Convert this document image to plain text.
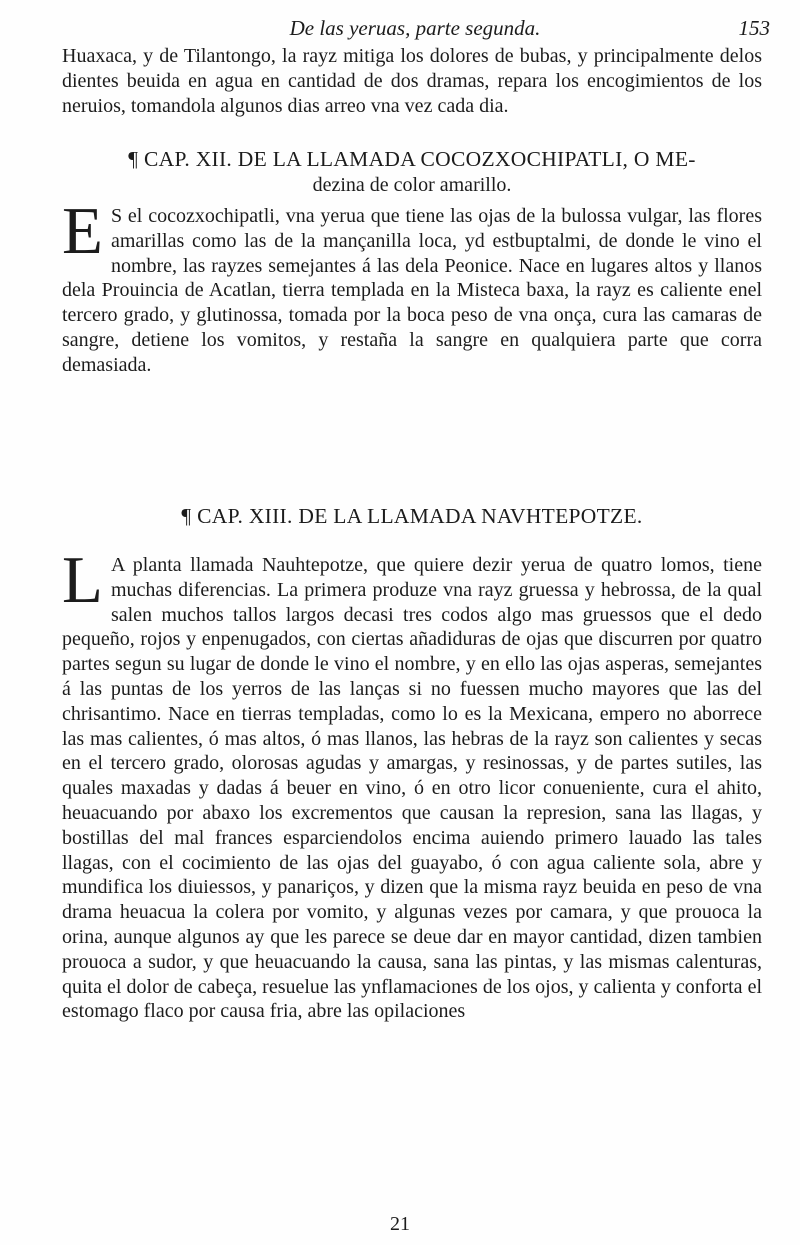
De las yeruas, parte segunda.	153

Huaxaca, y de Tilantongo, la rayz mitiga los dolores de bubas, y principalmente delos dientes beuida en agua en cantidad de dos dramas, repara los encogimientos de los neruios, tomandola algunos dias arreo vna vez cada dia.

¶ CAP. XII. DE LA LLAMADA COCOZXOCHIPATLI, O ME-
dezina de color amarillo.
E S el cocozxochipatli, vna yerua que tiene las ojas de la bulossa vulgar, las flores amarillas como las de la mançanilla loca, yd estbuptalmi, de donde le vino el nombre, las rayzes semejantes á las dela Peonice. Nace en lugares altos y llanos dela Prouincia de Acatlan, tierra templada en la Misteca baxa, la rayz es caliente enel tercero grado, y glutinossa, tomada por la boca peso de vna onça, cura las camaras de sangre, detiene los vomitos, y restaña la sangre en qualquiera parte que corra demasiada.

¶ CAP. XIII. DE LA LLAMADA NAVHTEPOTZE.
L A planta llamada Nauhtepotze, que quiere dezir yerua de quatro lomos, tiene muchas diferencias. La primera produze vna rayz gruessa y hebrossa, de la qual salen muchos tallos largos decasi tres codos algo mas gruessos que el dedo pequeño, rojos y enpenugados, con ciertas añadiduras de ojas que discurren por quatro partes segun su lugar de donde le vino el nombre, y en ello las ojas asperas, semejantes á las puntas de los yerros de las lanças si no fuessen mucho mayores que las del chrisantimo. Nace en tierras templadas, como lo es la Mexicana, empero no aborrece las mas calientes, ó mas altos, ó mas llanos, las hebras de la rayz son calientes y secas en el tercero grado, olorosas agudas y amargas, y resinossas, y de partes sutiles, las quales maxadas y dadas á beuer en vino, ó en otro licor conueniente, cura el ahito, heuacuando por abaxo los excrementos que causan la represion, sana las llagas, y bostillas del mal frances esparciendolos encima auiendo primero lauado las tales llagas, con el cocimiento de las ojas del guayabo, ó con agua caliente sola, abre y mundifica los diuiessos, y panariços, y dizen que la misma rayz beuida en peso de vna drama heuacua la colera por vomito, y algunas vezes por camara, y que prouoca la orina, aunque algunos ay que les parece se deue dar en mayor cantidad, dizen tambien prouoca a sudor, y que heuacuando la causa, sana las pintas, y las mismas calenturas, quita el dolor de cabeça, resuelue las ynflamaciones de los ojos, y calienta y conforta el estomago flaco por causa fria, abre las opilaciones

21
